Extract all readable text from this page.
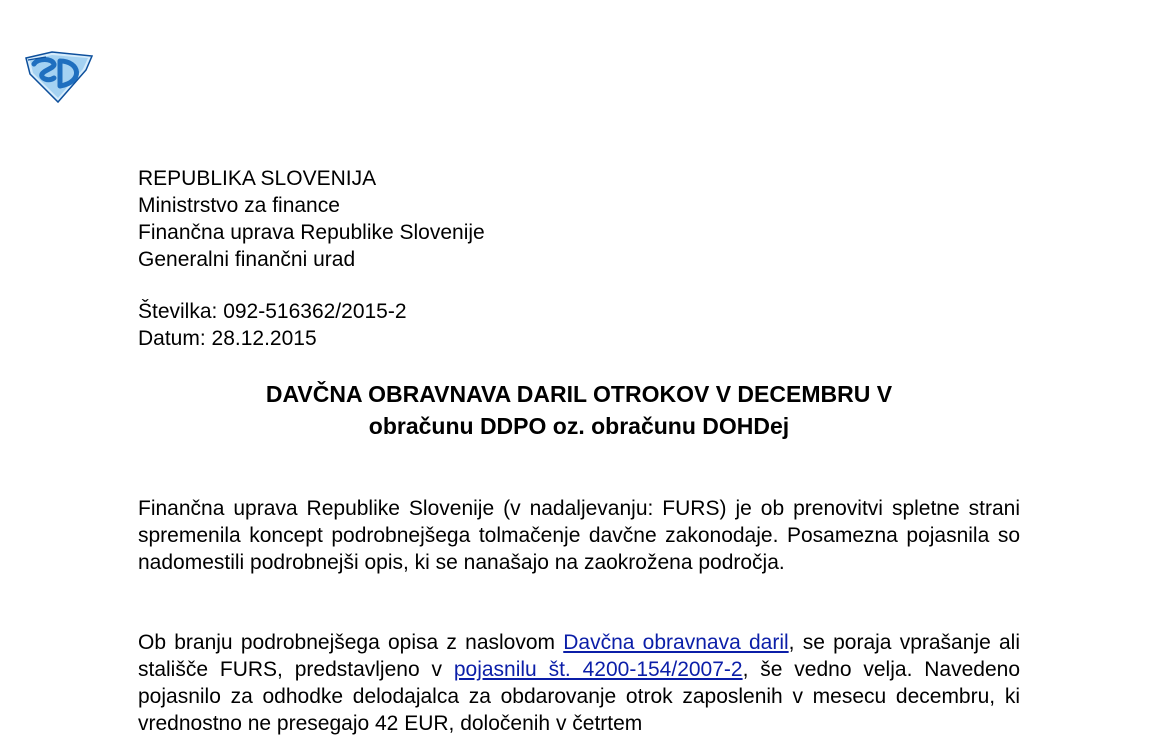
REPUBLIKA SLOVENIJA
Ministrstvo za finance
Finančna uprava Republike Slovenije
Generalni finančni urad
Številka: 092-516362/2015-2
Datum: 28.12.2015
DAVČNA OBRAVNAVA DARIL OTROKOV V DECEMBRU V
obračunu DDPO oz. obračunu DOHDej

Finančna uprava Republike Slovenije (v nadaljevanju: FURS) je ob prenovitvi spletne strani spremenila koncept podrobnejšega tolmačenje davčne zakonodaje. Posamezna pojasnila so nadomestili podrobnejši opis, ki se nanašajo na zaokrožena področja.

Ob branju podrobnejšega opisa z naslovom Davčna obravnava daril, se poraja vprašanje ali stališče FURS, predstavljeno v pojasnilu št. 4200-154/2007-2, še vedno velja. Navedeno pojasnilo za odhodke delodajalca za obdarovanje otrok zaposlenih v mesecu decembru, ki vrednostno ne presegajo 42 EUR, določenih v četrtem
